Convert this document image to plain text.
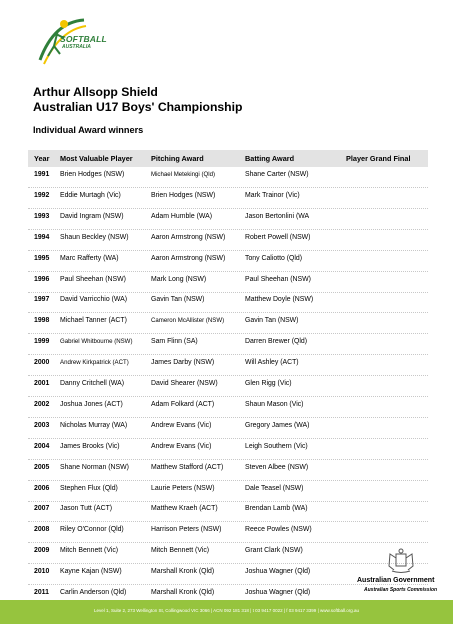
SOFTBALL
AUSTRALIA
Arthur Allsopp Shield
Australian U17 Boys' Championship
Individual Award winners
Year Most Valuable Player	Pitching Award	Batting Award	Player Grand Final
1991 Brien Hodges (NSW)	Michael Metekingi (Qld)	Shane Carter (NSW)
1992 Eddie Murtagh (Vic)	Brien Hodges (NSW)	Mark Trainor (Vic)
1993 David Ingram (NSW)	Adam Humble (WA)	Jason Bertonlini (WA
1994 Shaun Beckley (NSW)	Aaron Armstrong (NSW)	Robert Powell (NSW)
1995 Marc Rafferty (WA)	Aaron Armstrong (NSW)	Tony Caliotto (Qld)
1996 Paul Sheehan (NSW)	Mark Long (NSW)	Paul Sheehan (NSW)
1997 David Varricchio (WA)	Gavin Tan (NSW)	Matthew Doyle (NSW)
1998 Michael Tanner (ACT)	Cameron McAllister (NSW)	Gavin Tan (NSW)
1999 Gabriel Whitbourne (NSW)	Sam Flinn (SA)	Darren Brewer (Qld)
2000 Andrew Kirkpatrick (ACT)	James Darby (NSW)	Will Ashley (ACT)
2001 Danny Critchell (WA)	David Shearer (NSW)	Glen Rigg (Vic)
2002 Joshua Jones (ACT)	Adam Folkard (ACT)	Shaun Mason (Vic)
2003 Nicholas Murray (WA)	Andrew Evans (Vic)	Gregory James (WA)
2004 James Brooks (Vic)	Andrew Evans (Vic)	Leigh Southern (Vic)
2005 Shane Norman (NSW)	Matthew Stafford (ACT)	Steven Albee (NSW)
2006 Stephen Flux (Qld)	Laurie Peters (NSW)	Dale Teasel (NSW)
2007 Jason Tutt (ACT)	Matthew Kraeh (ACT)	Brendan Lamb (WA)
2008 Riley O'Connor (Qld)	Harrison Peters (NSW)	Reece Powles (NSW)
2009 Mitch Bennett (Vic)	Mitch Bennett (Vic)	Grant Clark (NSW)
2010 Kayne Kajan (NSW)	Marshall Kronk (Qld)	Joshua Wagner (Qld)
2011 Carlin Anderson (Qld)	Marshall Kronk (Qld)	Joshua Wagner (Qld)
Australian Government
Australian Sports Commission
Level 1, Suite 2, 273 Wellington St, Collingwood VIC 3066 | ACN 092 181 318 | t 03 9417 0022 | f 03 9417 3399 | www.softball.org.au
